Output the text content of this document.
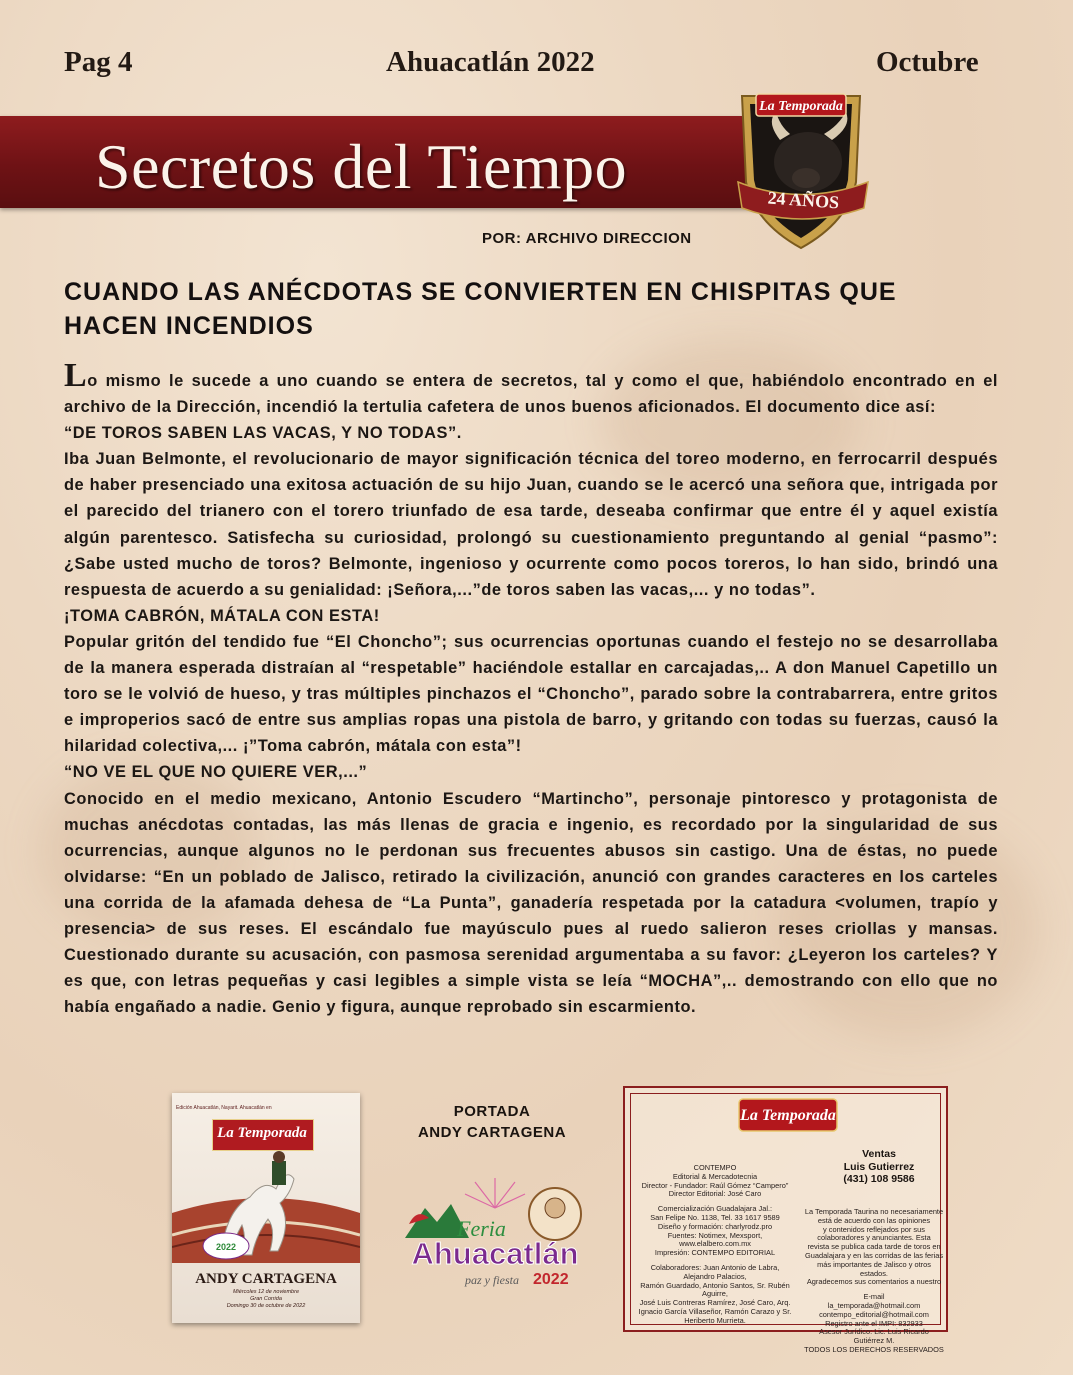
Pag 4	Ahuacatlán 2022	Octubre
Secretos del Tiempo
La Temporada
24 AÑOS
POR: ARCHIVO DIRECCION
CUANDO LAS ANÉCDOTAS SE CONVIERTEN EN CHISPITAS QUE HACEN INCENDIOS

Lo mismo le sucede a uno cuando se entera de secretos, tal y como el que, habiéndolo encontrado en el archivo de la Dirección, incendió la tertulia cafetera de unos buenos aficionados. El documento dice así:

“DE TOROS SABEN LAS VACAS, Y NO TODAS”.

Iba Juan Belmonte, el revolucionario de mayor significación técnica del toreo moderno, en ferrocarril después de haber presenciado una exitosa actuación de su hijo Juan, cuando se le acercó una señora que, intrigada por el parecido del trianero con el torero triunfado de esa tarde, deseaba confirmar que entre él y aquel existía algún parentesco. Satisfecha su curiosidad, prolongó su cuestionamiento preguntando al genial “pasmo”: ¿Sabe usted mucho de toros? Belmonte, ingenioso y ocurrente como pocos toreros, lo han sido, brindó una respuesta de acuerdo a su genialidad: ¡Señora,...”de toros saben las vacas,... y no todas”.

¡TOMA CABRÓN, MÁTALA CON ESTA!

Popular gritón del tendido fue “El Choncho”; sus ocurrencias oportunas cuando el festejo no se desarrollaba de la manera esperada distraían al “respetable” haciéndole estallar en carcajadas,.. A don Manuel Capetillo un toro se le volvió de hueso, y tras múltiples pinchazos el “Choncho”, parado sobre la contrabarrera, entre gritos e improperios sacó de entre sus amplias ropas una pistola de barro, y gritando con todas su fuerzas, causó la hilaridad colectiva,... ¡”Toma cabrón, mátala con esta”!

“NO VE EL QUE NO QUIERE VER,...”

Conocido en el medio mexicano, Antonio Escudero “Martincho”, personaje pintoresco y protagonista de muchas anécdotas contadas, las más llenas de gracia e ingenio, es recordado por la singularidad de sus ocurrencias, aunque algunos no le perdonan sus frecuentes abusos sin castigo. Una de éstas, no puede olvidarse: “En un poblado de Jalisco, retirado la civilización, anunció con grandes caracteres en los carteles una corrida de la afamada dehesa de “La Punta”, ganadería respetada por la catadura <volumen, trapío y presencia> de sus reses. El escándalo fue mayúsculo pues al ruedo salieron reses criollas y mansas. Cuestionado durante su acusación, con pasmosa serenidad argumentaba a su favor: ¿Leyeron los carteles? Y es que, con letras pequeñas y casi legibles a simple vista se leía “MOCHA”,.. demostrando con ello que no había engañado a nadie. Genio y figura, aunque reprobado sin escarmiento.

Edición Ahuacatlán, Nayarit. Ahuacatlán en
La Temporada
2022
ANDY CARTAGENA
Miércoles 12 de noviembre
Gran Corrida
Domingo 30 de octubre de 2022
PORTADA
ANDY CARTAGENA
Feria
Ahuacatlán
paz y fiesta 2022
La Temporada
Ventas
Luis Gutierrez
(431) 108 9586
CONTEMPO
Editorial & Mercadotecnia
Director - Fundador: Raúl Gómez “Campero”
Director Editorial: José Caro
Comercialización Guadalajara Jal.:
San Felipe No. 1138, Tel. 33 1617 9589
Diseño y formación: charlyrodz.pro
Fuentes: Notimex, Mexsport,
www.elalbero.com.mx
Impresión: CONTEMPO EDITORIAL
Colaboradores: Juan Antonio de Labra,
Alejandro Palacios,
Ramón Guardado, Antonio Santos, Sr. Rubén
Aguirre,
José Luis Contreras Ramírez, José Caro, Arq.
Ignacio García Villaseñor, Ramón Carazo y Sr.
Heriberto Murrieta.
La Temporada Taurina no necesariamente
está de acuerdo con las opiniones
y contenidos reflejados por sus
colaboradores y anunciantes. Esta
revista se publica cada tarde de toros en
Guadalajara y en las corridas de las ferias
más importantes de Jalisco y otros estados.
Agradecemos sus comentarios a nuestro
E-mail
la_temporada@hotmail.com
contempo_editorial@hotmail.com
Registro ante el IMPI: 832933
Asesor Jurídico: Lic. Luis Ricardo Gutiérrez M.
TODOS LOS DERECHOS RESERVADOS
